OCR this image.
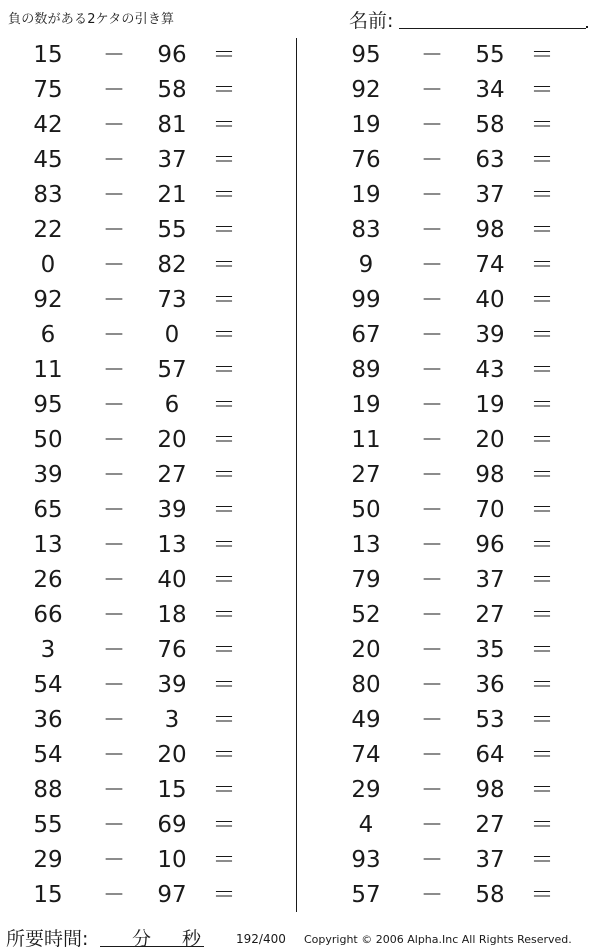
負の数がある2ケタの引き算	名前:
15	－	96	＝
75	－	58	＝
42	－	81	＝
45	－	37	＝
83	－	21	＝
22	－	55	＝
0	－	82	＝
92	－	73	＝
6	－	0	＝
11	－	57	＝
95	－	6	＝
50	－	20	＝
39	－	27	＝
65	－	39	＝
13	－	13	＝
26	－	40	＝
66	－	18	＝
3	－	76	＝
54	－	39	＝
36	－	3	＝
54	－	20	＝
88	－	15	＝
55	－	69	＝
29	－	10	＝
15	－	97	＝
95	－	55	＝
92	－	34	＝
19	－	58	＝
76	－	63	＝
19	－	37	＝
83	－	98	＝
9	－	74	＝
99	－	40	＝
67	－	39	＝
89	－	43	＝
19	－	19	＝
11	－	20	＝
27	－	98	＝
50	－	70	＝
13	－	96	＝
79	－	37	＝
52	－	27	＝
20	－	35	＝
80	－	36	＝
49	－	53	＝
74	－	64	＝
29	－	98	＝
4	－	27	＝
93	－	37	＝
57	－	58	＝
所要時間: 分 秒	192/400 Copyright © 2006 Alpha.Inc All Rights Reserved.
